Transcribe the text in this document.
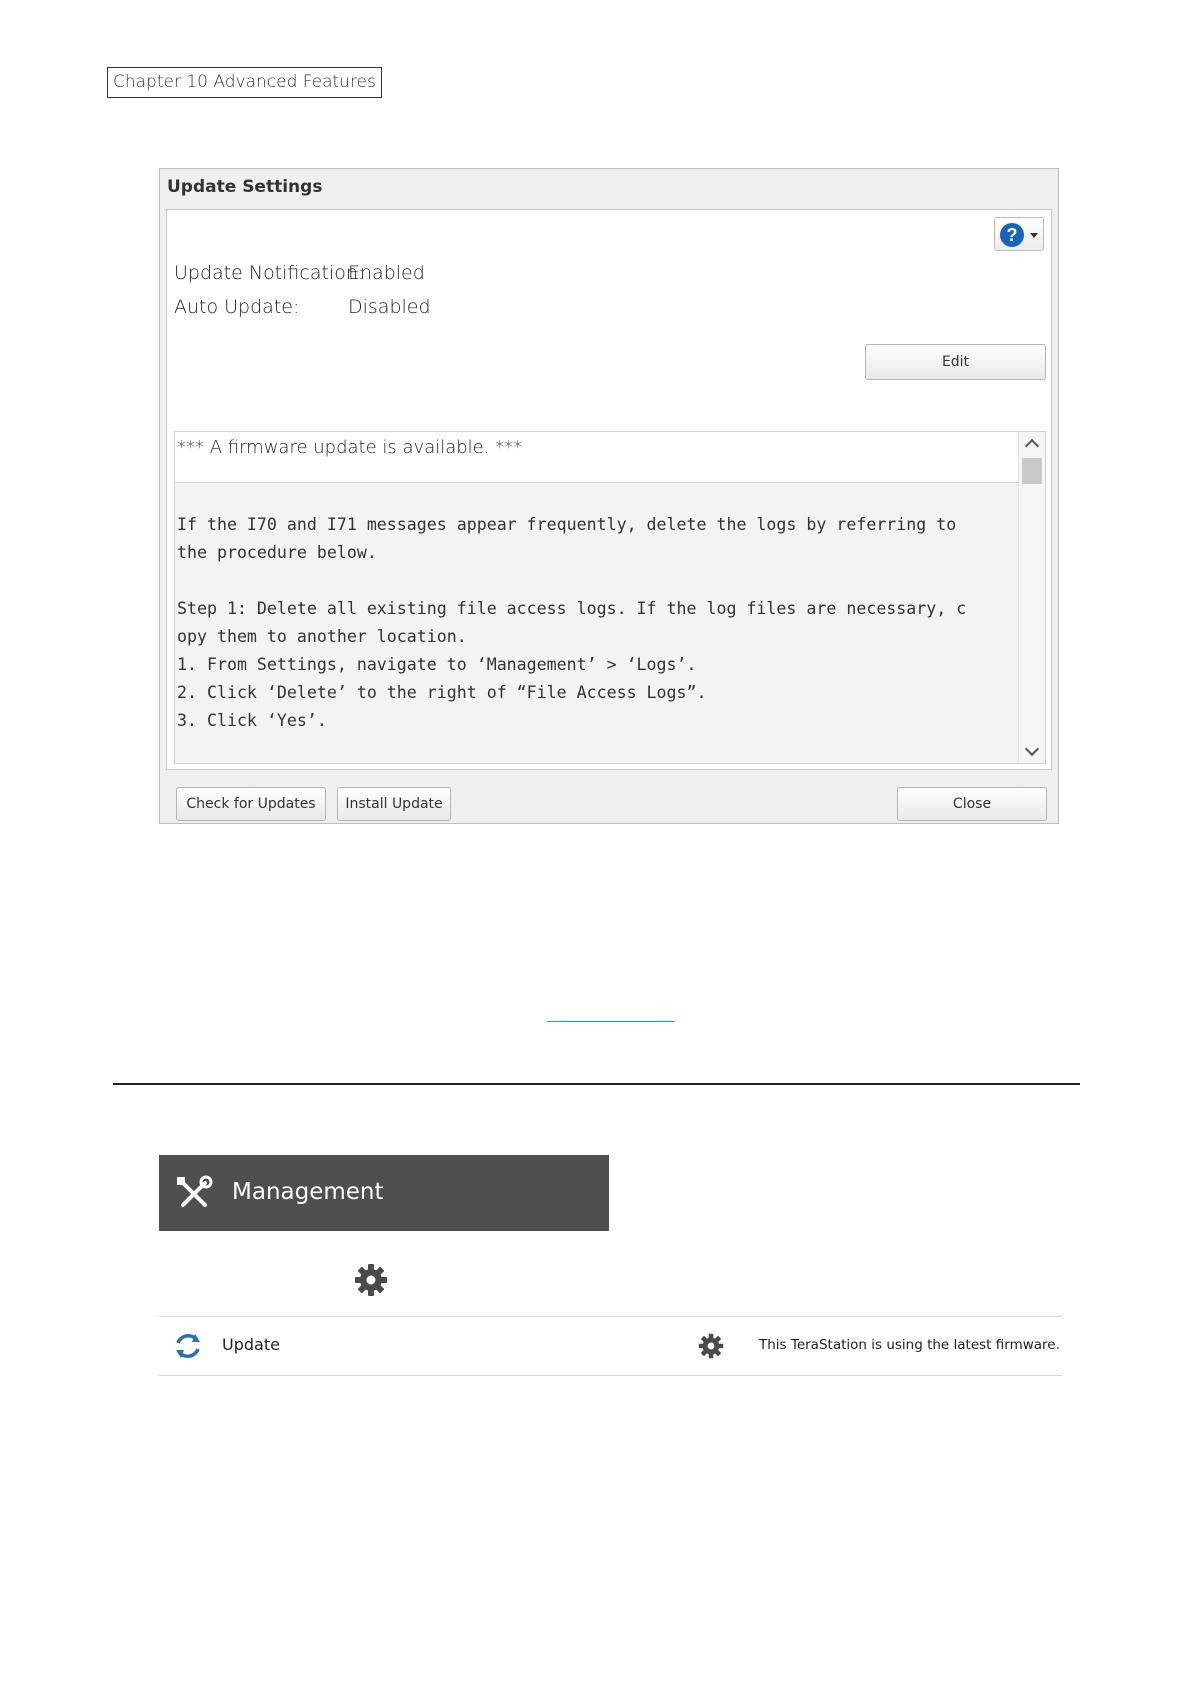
Chapter 10 Advanced Features
Update Settings
?
Update Notification:
Enabled
Auto Update:	Disabled
Edit
*** A firmware update is available. ***
If the I70 and I71 messages appear frequently, delete the logs by referring to
the procedure below.

Step 1: Delete all existing file access logs. If the log files are necessary, c
opy them to another location.
1. From Settings, navigate to ‘Management’ > ‘Logs’.
2. Click ‘Delete’ to the right of “File Access Logs”.
3. Click ‘Yes’.

Check for Updates	Install Update	Close
Management
Update	This TeraStation is using the latest firmware.
